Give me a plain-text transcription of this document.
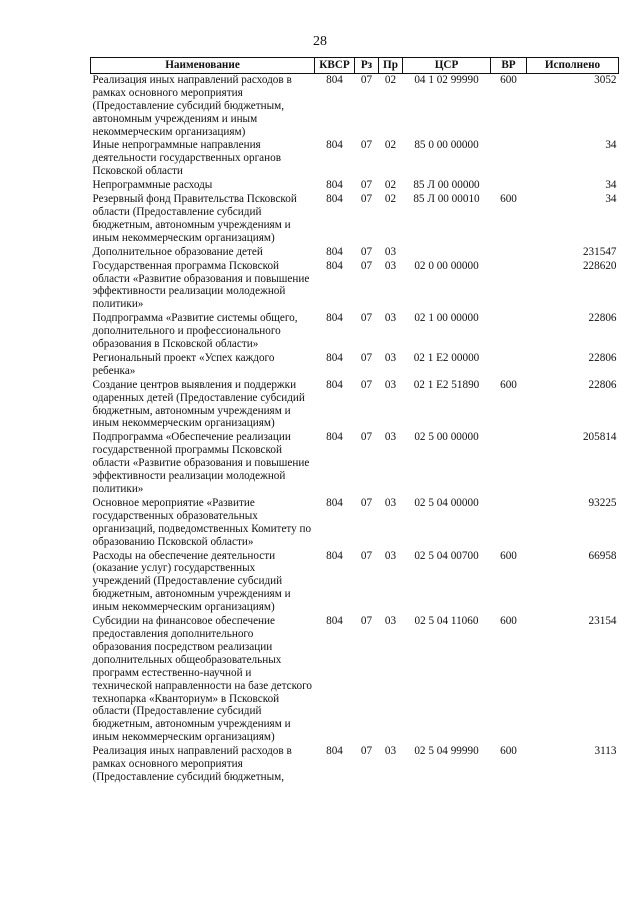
28
Наименование	КВСР	Рз	Пр	ЦСР	ВР	Исполнено
Реализация иных направлений расходов в рамках основного мероприятия (Предоставление субсидий бюджетным, автономным учреждениям и иным некоммерческим организациям)	804	07	02	04 1 02 99990	600	3052
Иные непрограммные направления деятельности государственных органов Псковской области	804	07	02	85 0 00 00000		34
Непрограммные расходы	804	07	02	85 Л 00 00000		34
Резервный фонд Правительства Псковской области (Предоставление субсидий бюджетным, автономным учреждениям и иным некоммерческим организациям)	804	07	02	85 Л 00 00010	600	34
Дополнительное образование детей	804	07	03			231547
Государственная программа Псковской области «Развитие образования и повышение эффективности реализации молодежной политики»	804	07	03	02 0 00 00000		228620
Подпрограмма «Развитие системы общего, дополнительного и профессионального образования в Псковской области»	804	07	03	02 1 00 00000		22806
Региональный проект «Успех каждого ребенка»	804	07	03	02 1 E2 00000		22806
Создание центров выявления и поддержки одаренных детей (Предоставление субсидий бюджетным, автономным учреждениям и иным некоммерческим организациям)	804	07	03	02 1 E2 51890	600	22806
Подпрограмма «Обеспечение реализации государственной программы Псковской области «Развитие образования и повышение эффективности реализации молодежной политики»	804	07	03	02 5 00 00000		205814
Основное мероприятие «Развитие государственных образовательных организаций, подведомственных Комитету по образованию Псковской области»	804	07	03	02 5 04 00000		93225
Расходы на обеспечение деятельности (оказание услуг) государственных учреждений (Предоставление субсидий бюджетным, автономным учреждениям и иным некоммерческим организациям)	804	07	03	02 5 04 00700	600	66958
Субсидии на финансовое обеспечение предоставления дополнительного образования посредством реализации дополнительных общеобразовательных программ естественно-научной и технической направленности на базе детского технопарка «Кванториум» в Псковской области (Предоставление субсидий бюджетным, автономным учреждениям и иным некоммерческим организациям)	804	07	03	02 5 04 11060	600	23154
Реализация иных направлений расходов в рамках основного мероприятия (Предоставление субсидий бюджетным,	804	07	03	02 5 04 99990	600	3113
